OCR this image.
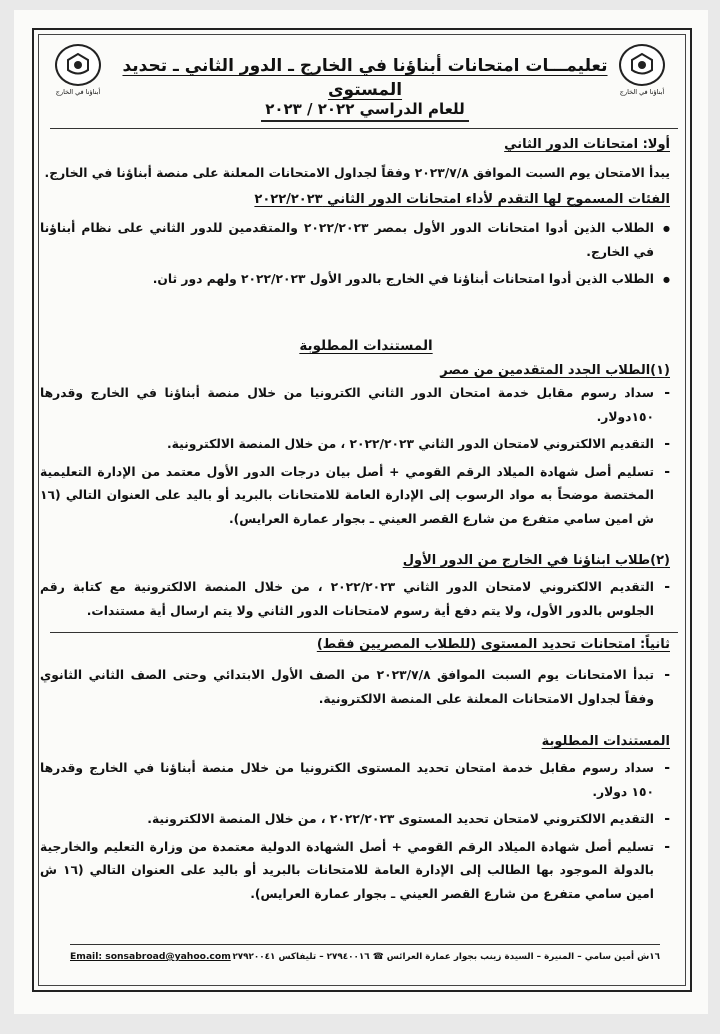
أبناؤنا في الخارج
أبناؤنا في الخارج
تعليمـــات امتحانات أبناؤنا في الخارج ـ الدور الثاني ـ تحديد المستوى
للعام الدراسي ٢٠٢٢ / ٢٠٢٣
أولا: امتحانات الدور الثاني
يبدأ الامتحان يوم السبت الموافق ٢٠٢٣/٧/٨ وفقاً لجداول الامتحانات المعلنة على منصة أبناؤنا في الخارج.
الفئات المسموح لها التقدم لأداء امتحانات الدور الثاني ٢٠٢٢/٢٠٢٣
● الطلاب الذين أدوا امتحانات الدور الأول بمصر ٢٠٢٢/٢٠٢٣ والمتقدمين للدور الثاني على نظام أبناؤنا في الخارج.
● الطلاب الذين أدوا امتحانات أبناؤنا في الخارج بالدور الأول ٢٠٢٢/٢٠٢٣ ولهم دور ثان.
المستندات المطلوبة
(١)الطلاب الجدد المتقدمين من مصر
- سداد رسوم مقابل خدمة امتحان الدور الثاني الكترونيا من خلال منصة أبناؤنا في الخارج وقدرها ١٥٠دولار.
- التقديم الالكتروني لامتحان الدور الثاني ٢٠٢٢/٢٠٢٣ ، من خلال المنصة الالكترونية.
- تسليم أصل شهادة الميلاد الرقم القومي + أصل بيان درجات الدور الأول معتمد من الإدارة التعليمية المختصة موضحاً به مواد الرسوب إلى الإدارة العامة للامتحانات بالبريد أو باليد على العنوان التالي (١٦ ش امين سامي متفرع من شارع القصر العيني ـ بجوار عمارة العرايس).
(٢)طلاب ابناؤنا في الخارج من الدور الأول
- التقديم الالكتروني لامتحان الدور الثاني ٢٠٢٢/٢٠٢٣ ، من خلال المنصة الالكترونية مع كتابة رقم الجلوس بالدور الأول، ولا يتم دفع أية رسوم لامتحانات الدور الثاني ولا يتم ارسال أية مستندات.
ثانياً: امتحانات تحديد المستوى (للطلاب المصريين فقط)
- تبدأ الامتحانات يوم السبت الموافق ٢٠٢٣/٧/٨ من الصف الأول الابتدائي وحتى الصف الثاني الثانوي وفقاً لجداول الامتحانات المعلنة على المنصة الالكترونية.
المستندات المطلوبة
- سداد رسوم مقابل خدمة امتحان تحديد المستوى الكترونيا من خلال منصة أبناؤنا في الخارج وقدرها ١٥٠ دولار.
- التقديم الالكتروني لامتحان تحديد المستوى ٢٠٢٢/٢٠٢٣ ، من خلال المنصة الالكترونية.
- تسليم أصل شهادة الميلاد الرقم القومي + أصل الشهادة الدولية معتمدة من وزارة التعليم والخارجية بالدولة الموجود بها الطالب إلى الإدارة العامة للامتحانات بالبريد أو باليد على العنوان التالي (١٦ ش امين سامي متفرع من شارع القصر العيني ـ بجوار عمارة العرايس).
١٦ش أمين سامي – المنيرة – السيدة زينب بجوار عمارة العرائس ☎ ٢٧٩٤٠٠١٦ – تليفاكس ٢٧٩٢٠٠٤١
Email: sonsabroad@yahoo.com
